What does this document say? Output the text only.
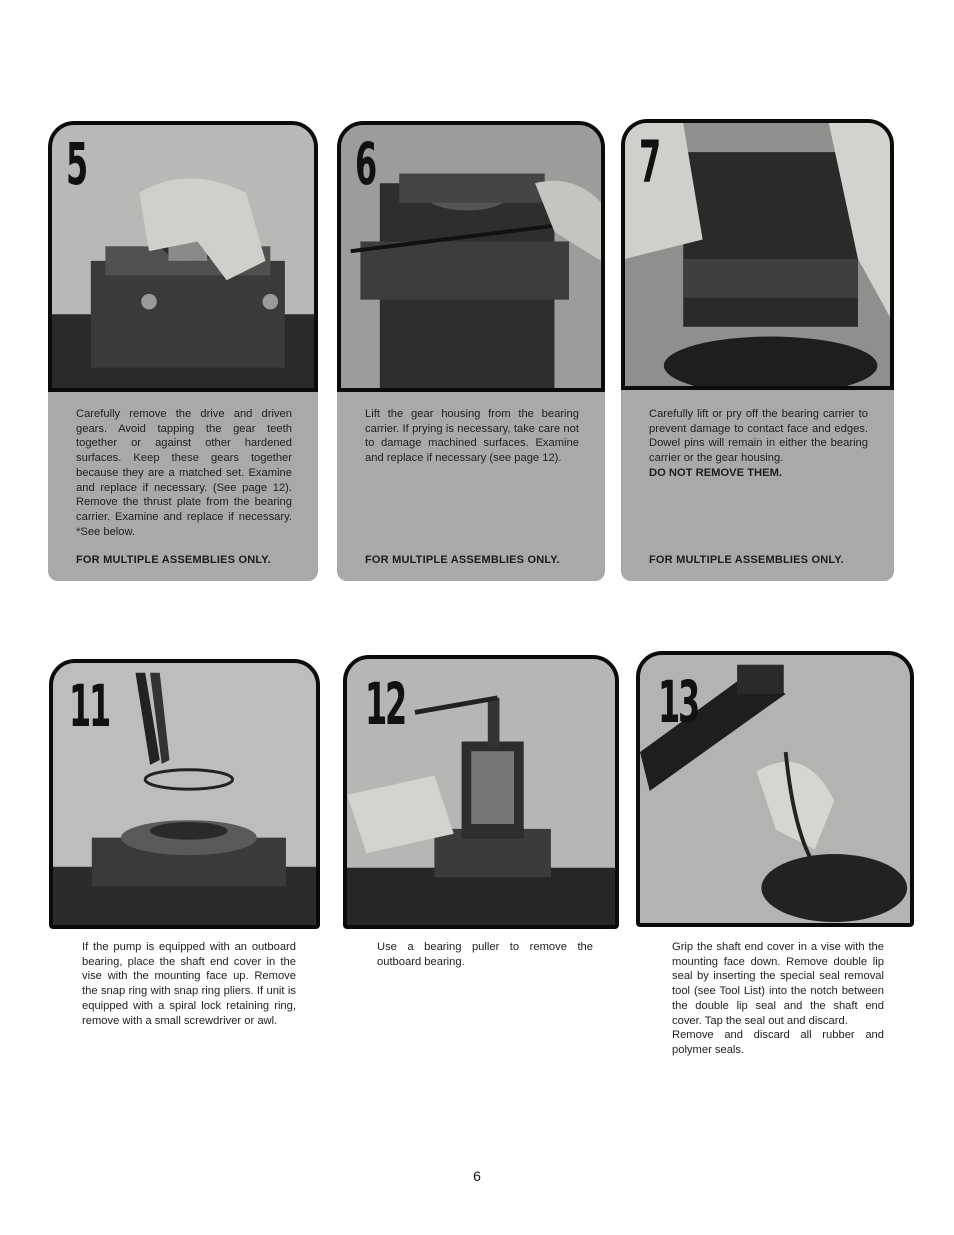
5
Carefully remove the drive and driven gears. Avoid tapping the gear teeth together or against other hardened surfaces. Keep these gears together because they are a matched set. Examine and replace if necessary. (See page 12). Remove the thrust plate from the bearing carrier. Examine and replace if necessary. *See below.
FOR MULTIPLE ASSEMBLIES ONLY.
6
Lift the gear housing from the bearing carrier. If prying is necessary, take care not to damage machined surfaces. Examine and replace if necessary (see page 12).
FOR MULTIPLE ASSEMBLIES ONLY.
7
Carefully lift or pry off the bearing carrier to prevent damage to contact face and edges. Dowel pins will remain in either the bearing carrier or the gear housing.
DO NOT REMOVE THEM.
FOR MULTIPLE ASSEMBLIES ONLY.
11	12	13
If the pump is equipped with an outboard bearing, place the shaft end cover in the vise with the mounting face up. Remove the snap ring with snap ring pliers. If unit is equipped with a spiral lock retaining ring, remove with a small screwdriver or awl.
Use a bearing puller to remove the outboard bearing.
Grip the shaft end cover in a vise with the mounting face down. Remove double lip seal by inserting the special seal removal tool (see Tool List) into the notch between the double lip seal and the shaft end cover. Tap the seal out and discard.
Remove and discard all rubber and polymer seals.
6
